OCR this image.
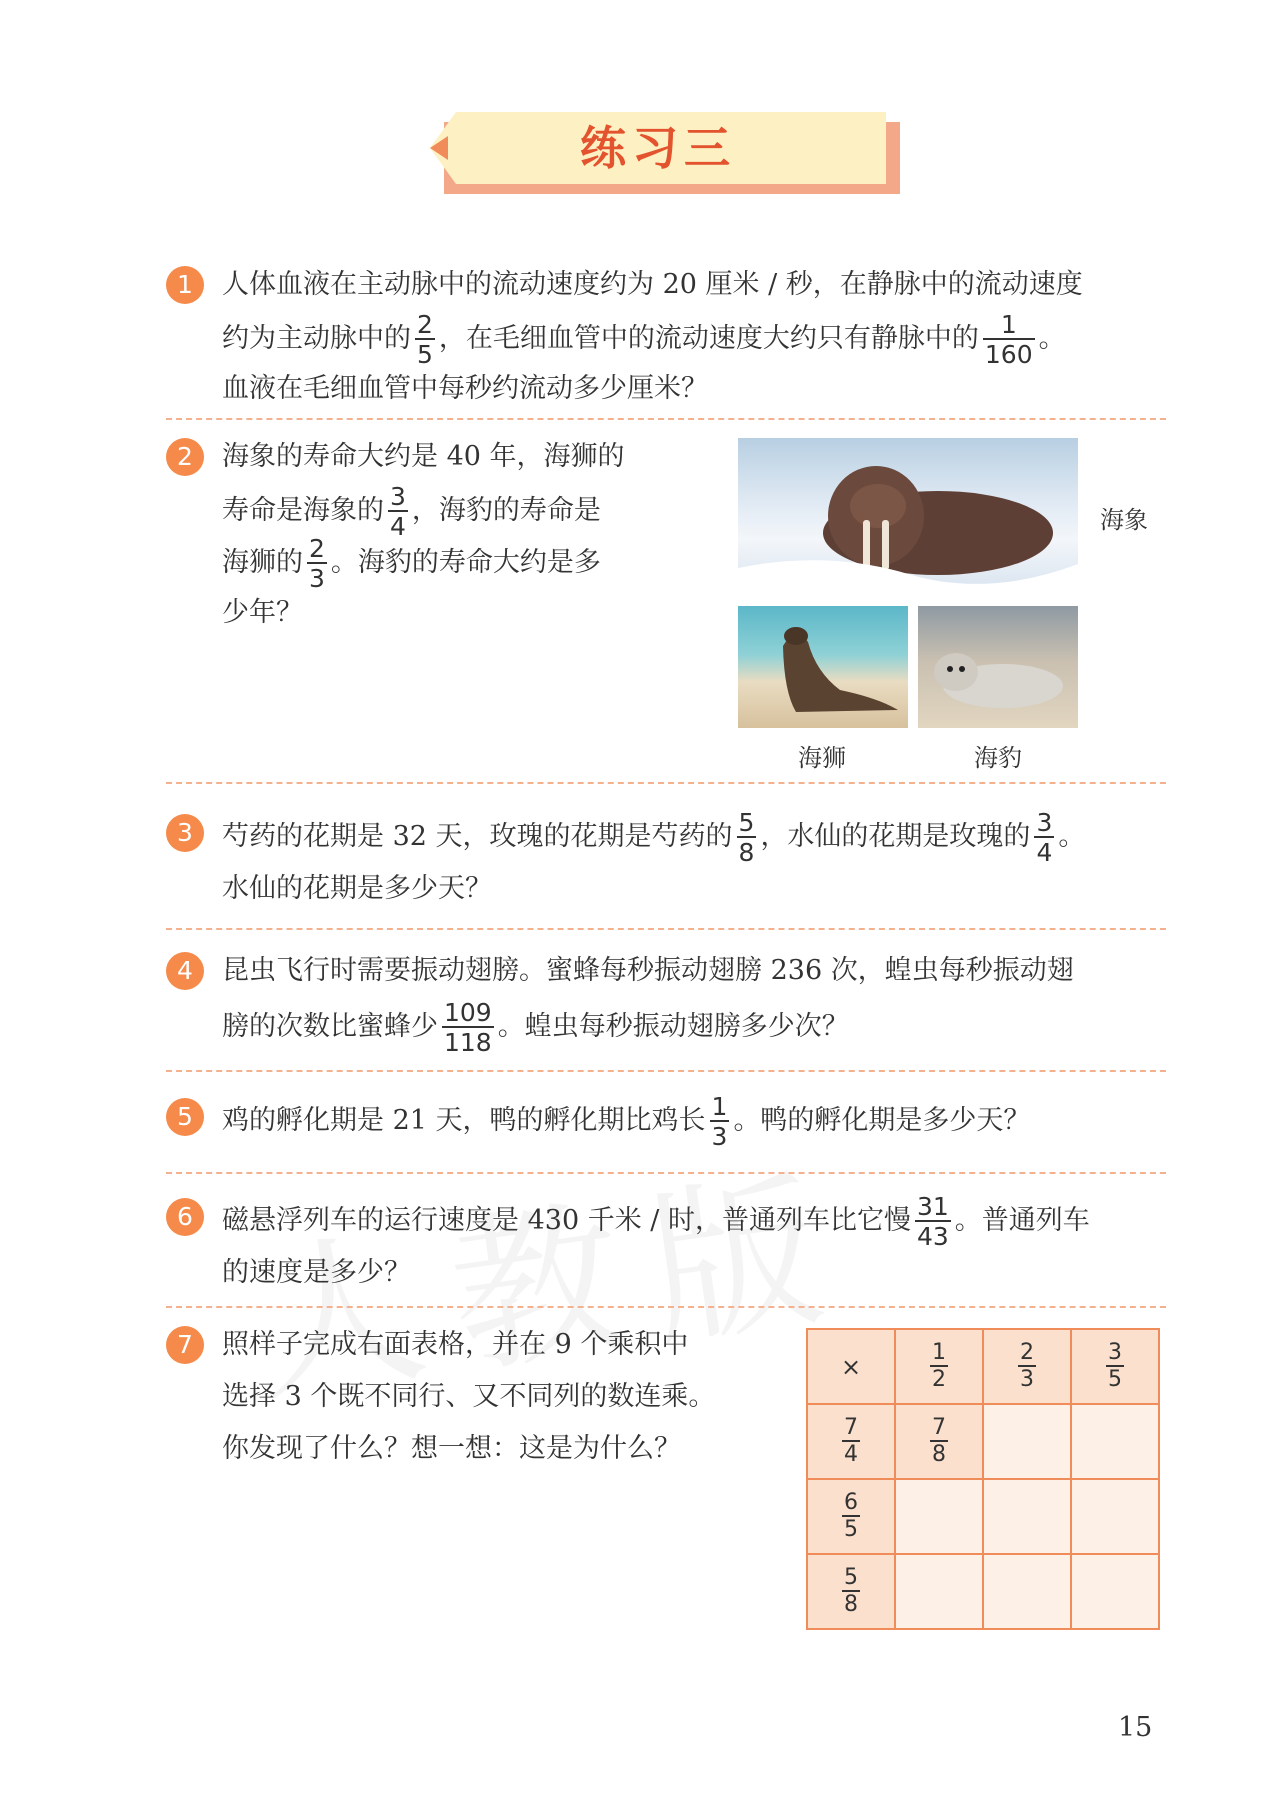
练习三
1	人体血液在主动脉中的流动速度约为 20 厘米 / 秒，在静脉中的流动速度
约为主动脉中的 $\frac{2}{5}$ ，在毛细血管中的流动速度大约只有静脉中的 $\frac{1}{160}$ 。
血液在毛细血管中每秒约流动多少厘米？
2	海象的寿命大约是 40 年，海狮的
寿命是海象的 $\frac{3}{4}$ ，海豹的寿命是
海狮的 $\frac{2}{3}$ 。海豹的寿命大约是多
少年？
海象
海狮	海豹
3	芍药的花期是 32 天，玫瑰的花期是芍药的 $\frac{5}{8}$ ，水仙的花期是玫瑰的 $\frac{3}{4}$ 。
水仙的花期是多少天？
4	昆虫飞行时需要振动翅膀。蜜蜂每秒振动翅膀 236 次，蝗虫每秒振动翅
膀的次数比蜜蜂少 $\frac{109}{118}$ 。蝗虫每秒振动翅膀多少次？
5	鸡的孵化期是 21 天，鸭的孵化期比鸡长 $\frac{1}{3}$ 。鸭的孵化期是多少天？
6	磁悬浮列车的运行速度是 430 千米 / 时，普通列车比它慢 $\frac{31}{43}$ 。普通列车
的速度是多少？
7	照样子完成右面表格，并在 9 个乘积中
选择 3 个既不同行、又不同列的数连乘。
你发现了什么？想一想：这是为什么？
×	$\frac{1}{2}$	$\frac{2}{3}$	$\frac{3}{5}$

$\frac{7}{4}$	$\frac{7}{8}$

$\frac{6}{5}$

$\frac{5}{8}$

15
